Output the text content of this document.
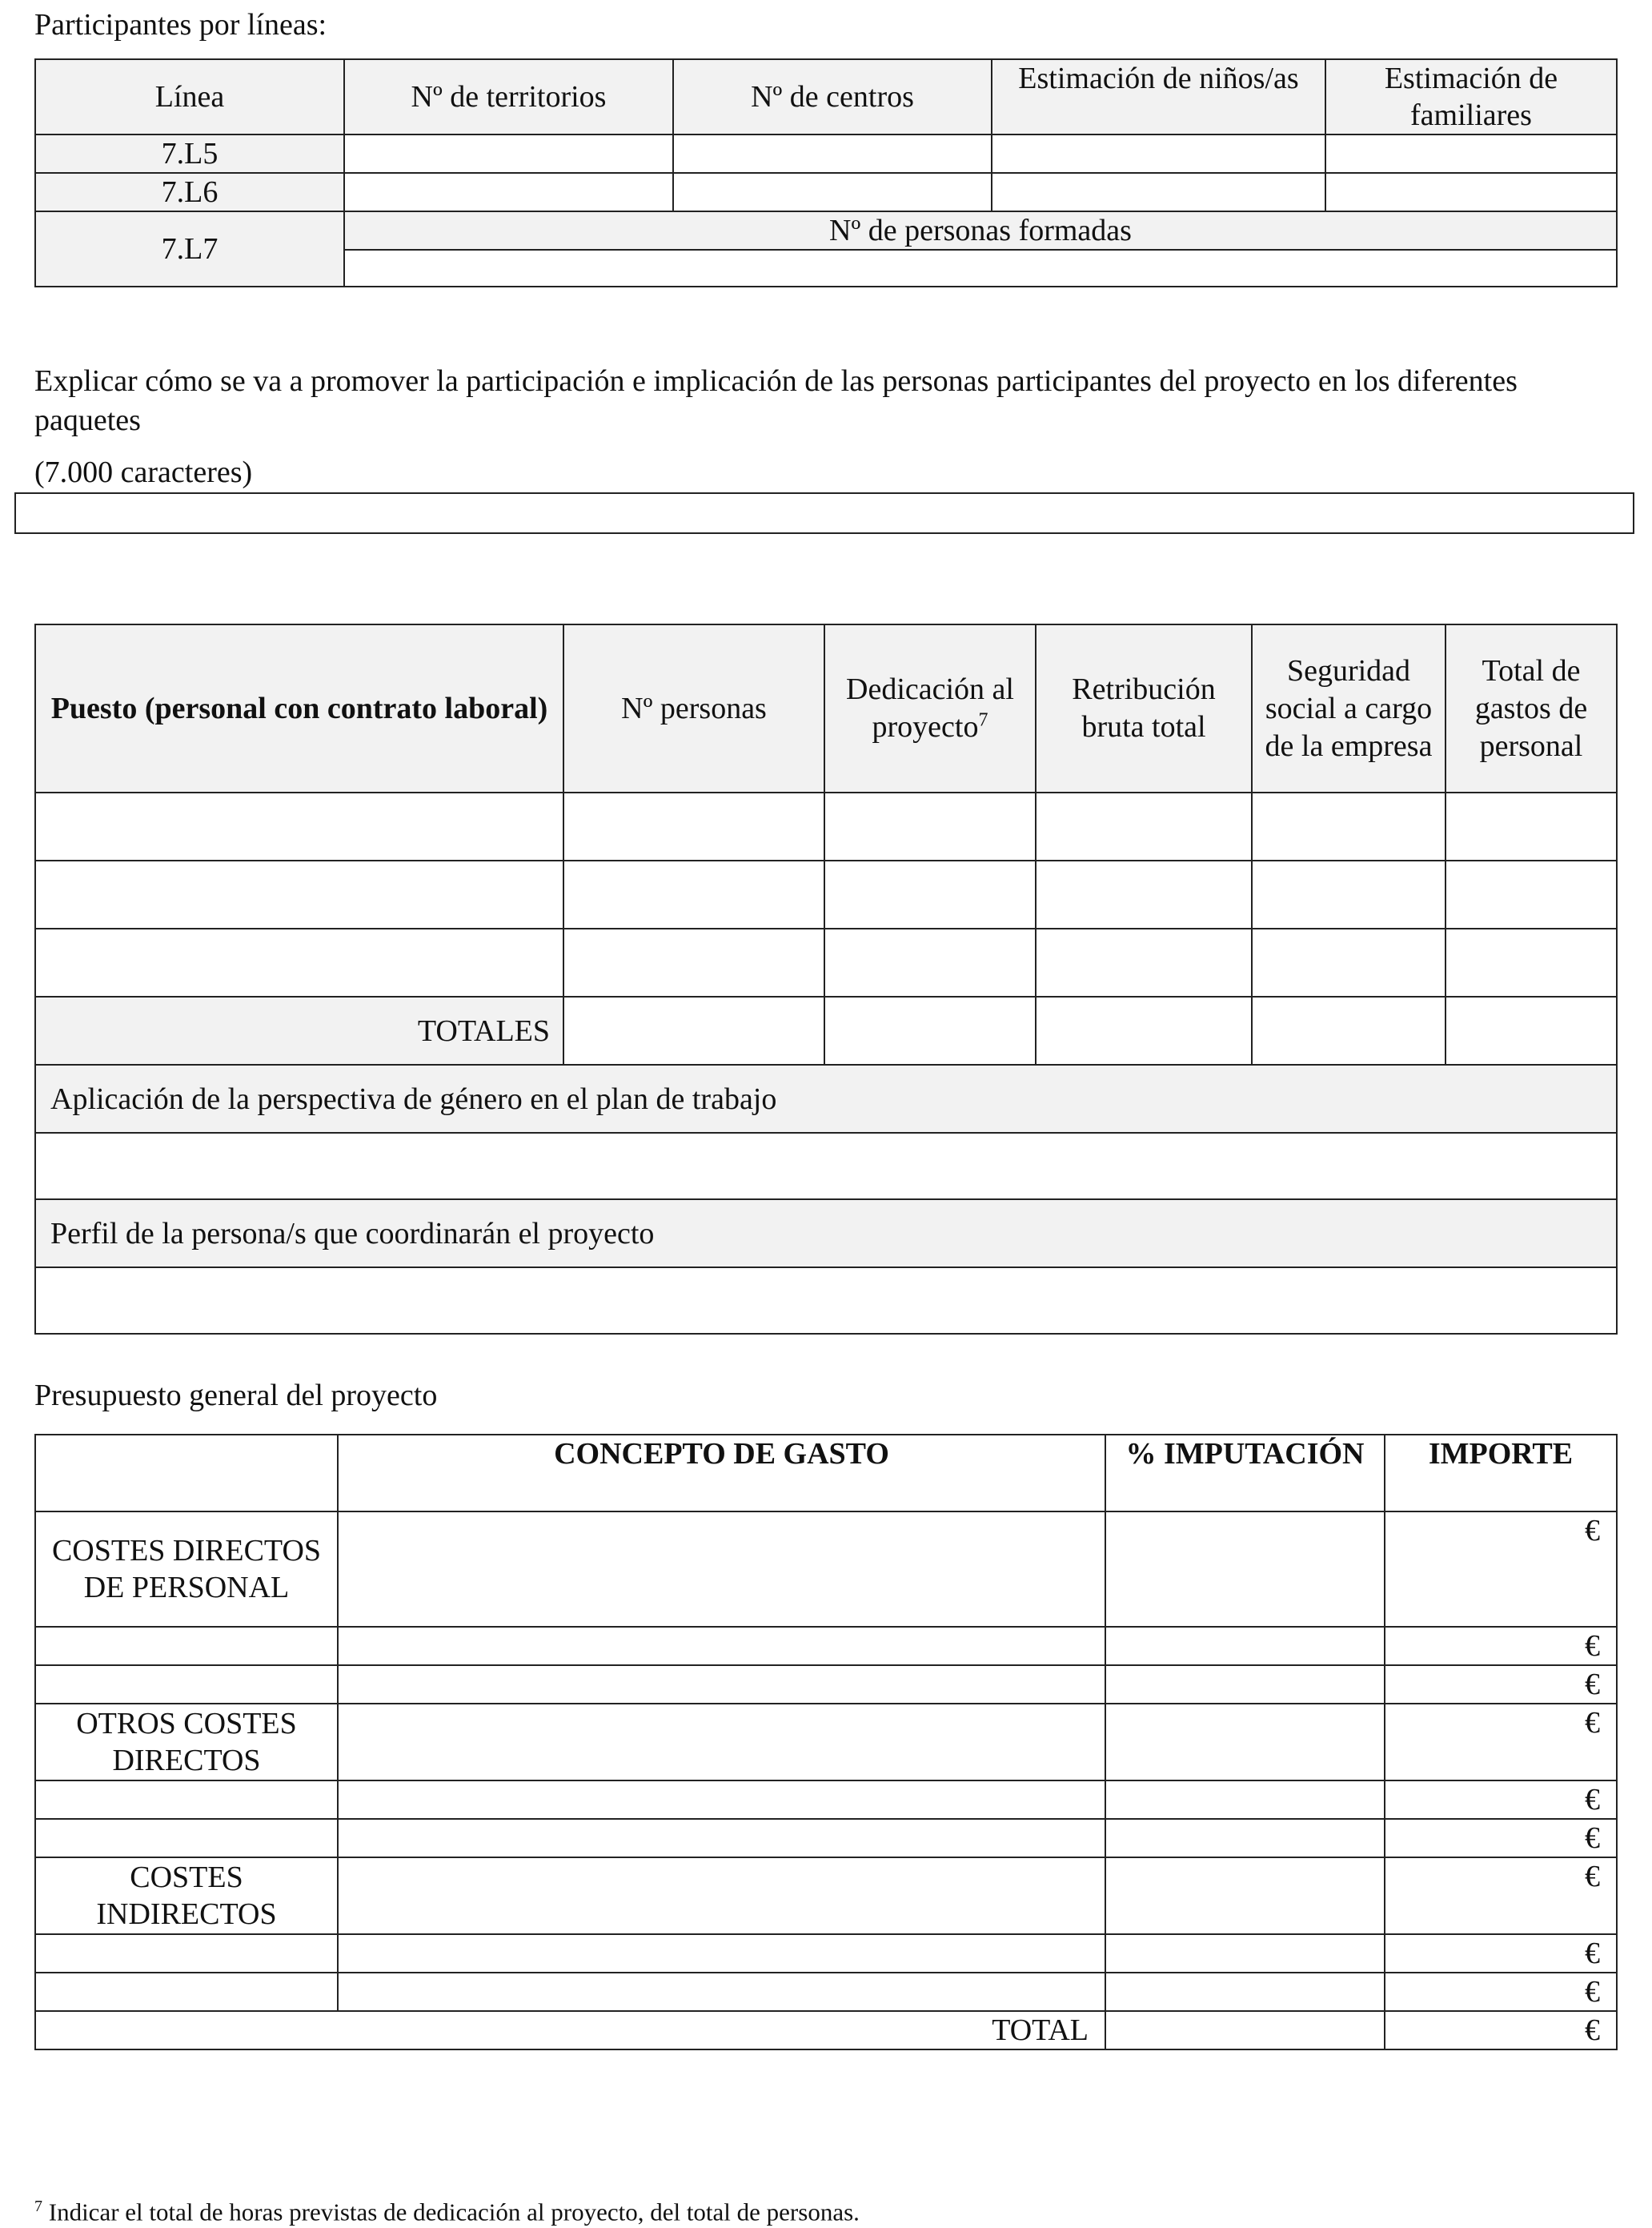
Participantes por líneas:
Línea	Nº de territorios	Nº de centros	Estimación de niños/as	Estimación de familiares
7.L5				
7.L6				
7.L7	Nº de personas formadas			

Explicar cómo se va a promover la participación e implicación de las personas participantes del proyecto en los diferentes paquetes
(7.000 caracteres)
Puesto (personal con contrato laboral)	Nº personas	Dedicación al proyecto$^7$	Retribución bruta total	Seguridad social a cargo de la empresa	Total de gastos de personal

TOTALES					
Aplicación de la perspectiva de género en el plan de trabajo					

Perfil de la persona/s que coordinarán el proyecto					

Presupuesto general del proyecto
	CONCEPTO DE GASTO	% IMPUTACIÓN	IMPORTE
COSTES DIRECTOS DE PERSONAL			€
			€
			€
OTROS COSTES DIRECTOS			€
			€
			€
COSTES INDIRECTOS			€
			€
			€
TOTAL			€
$^7$ Indicar el total de horas previstas de dedicación al proyecto, del total de personas.
